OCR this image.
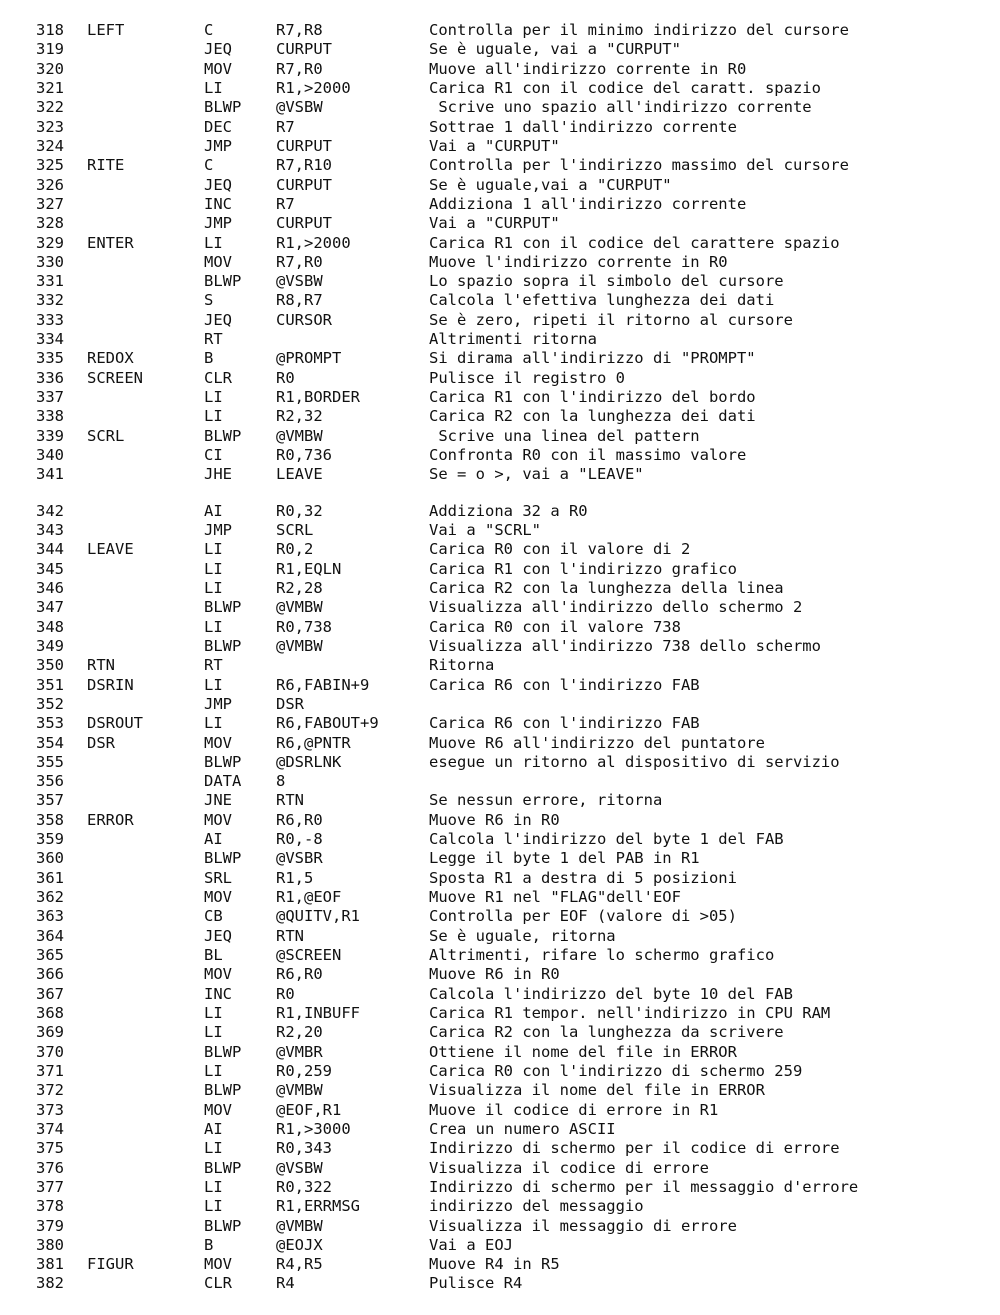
318 LEFT	C	R7,R8	Controlla per il minimo indirizzo del cursore
319	JEQ	CURPUT	Se è uguale, vai a "CURPUT"
320	MOV	R7,R0	Muove all'indirizzo corrente in R0
321	LI	R1,>2000	Carica R1 con il codice del caratt. spazio
322	BLWP @VSBW	Scrive uno spazio all'indirizzo corrente
323	DEC	R7	Sottrae 1 dall'indirizzo corrente
324	JMP	CURPUT	Vai a "CURPUT"
325 RITE	C	R7,R10	Controlla per l'indirizzo massimo del cursore
326	JEQ	CURPUT	Se è uguale,vai a "CURPUT"
327	INC	R7	Addiziona 1 all'indirizzo corrente
328	JMP	CURPUT	Vai a "CURPUT"
329 ENTER	LI	R1,>2000	Carica R1 con il codice del carattere spazio
330	MOV	R7,R0	Muove l'indirizzo corrente in R0
331	BLWP @VSBW	Lo spazio sopra il simbolo del cursore
332	S	R8,R7	Calcola l'efettiva lunghezza dei dati
333	JEQ	CURSOR	Se è zero, ripeti il ritorno al cursore
334	RT	Altrimenti ritorna
335 REDOX	B	@PROMPT	Si dirama all'indirizzo di "PROMPT"
336 SCREEN	CLR	R0	Pulisce il registro 0
337	LI	R1,BORDER	Carica R1 con l'indirizzo del bordo
338	LI	R2,32	Carica R2 con la lunghezza dei dati
339 SCRL	BLWP @VMBW	Scrive una linea del pattern
340	CI	R0,736	Confronta R0 con il massimo valore
341	JHE	LEAVE	Se = o >, vai a "LEAVE"
342	AI	R0,32	Addiziona 32 a R0
343	JMP	SCRL	Vai a "SCRL"
344 LEAVE	LI	R0,2	Carica R0 con il valore di 2
345	LI	R1,EQLN	Carica R1 con l'indirizzo grafico
346	LI	R2,28	Carica R2 con la lunghezza della linea
347	BLWP @VMBW	Visualizza all'indirizzo dello schermo 2
348	LI	R0,738	Carica R0 con il valore 738
349	BLWP @VMBW	Visualizza all'indirizzo 738 dello schermo
350 RTN	RT	Ritorna
351 DSRIN	LI	R6,FABIN+9	Carica R6 con l'indirizzo FAB
352	JMP	DSR
353 DSROUT	LI	R6,FABOUT+9	Carica R6 con l'indirizzo FAB
354 DSR	MOV	R6,@PNTR	Muove R6 all'indirizzo del puntatore
355	BLWP @DSRLNK	esegue un ritorno al dispositivo di servizio
356	DATA 8
357	JNE	RTN	Se nessun errore, ritorna
358 ERROR	MOV	R6,R0	Muove R6 in R0
359	AI	R0,-8	Calcola l'indirizzo del byte 1 del FAB
360	BLWP @VSBR	Legge il byte 1 del PAB in R1
361	SRL	R1,5	Sposta R1 a destra di 5 posizioni
362	MOV	R1,@EOF	Muove R1 nel "FLAG"dell'EOF
363	CB	@QUITV,R1	Controlla per EOF (valore di >05)
364	JEQ	RTN	Se è uguale, ritorna
365	BL	@SCREEN	Altrimenti, rifare lo schermo grafico
366	MOV	R6,R0	Muove R6 in R0
367	INC	R0	Calcola l'indirizzo del byte 10 del FAB
368	LI	R1,INBUFF	Carica R1 tempor. nell'indirizzo in CPU RAM
369	LI	R2,20	Carica R2 con la lunghezza da scrivere
370	BLWP @VMBR	Ottiene il nome del file in ERROR
371	LI	R0,259	Carica R0 con l'indirizzo di schermo 259
372	BLWP @VMBW	Visualizza il nome del file in ERROR
373	MOV	@EOF,R1	Muove il codice di errore in R1
374	AI	R1,>3000	Crea un numero ASCII
375	LI	R0,343	Indirizzo di schermo per il codice di errore
376	BLWP @VSBW	Visualizza il codice di errore
377	LI	R0,322	Indirizzo di schermo per il messaggio d'errore
378	LI	R1,ERRMSG	indirizzo del messaggio
379	BLWP @VMBW	Visualizza il messaggio di errore
380	B	@EOJX	Vai a EOJ
381 FIGUR	MOV	R4,R5	Muove R4 in R5
382	CLR	R4	Pulisce R4
